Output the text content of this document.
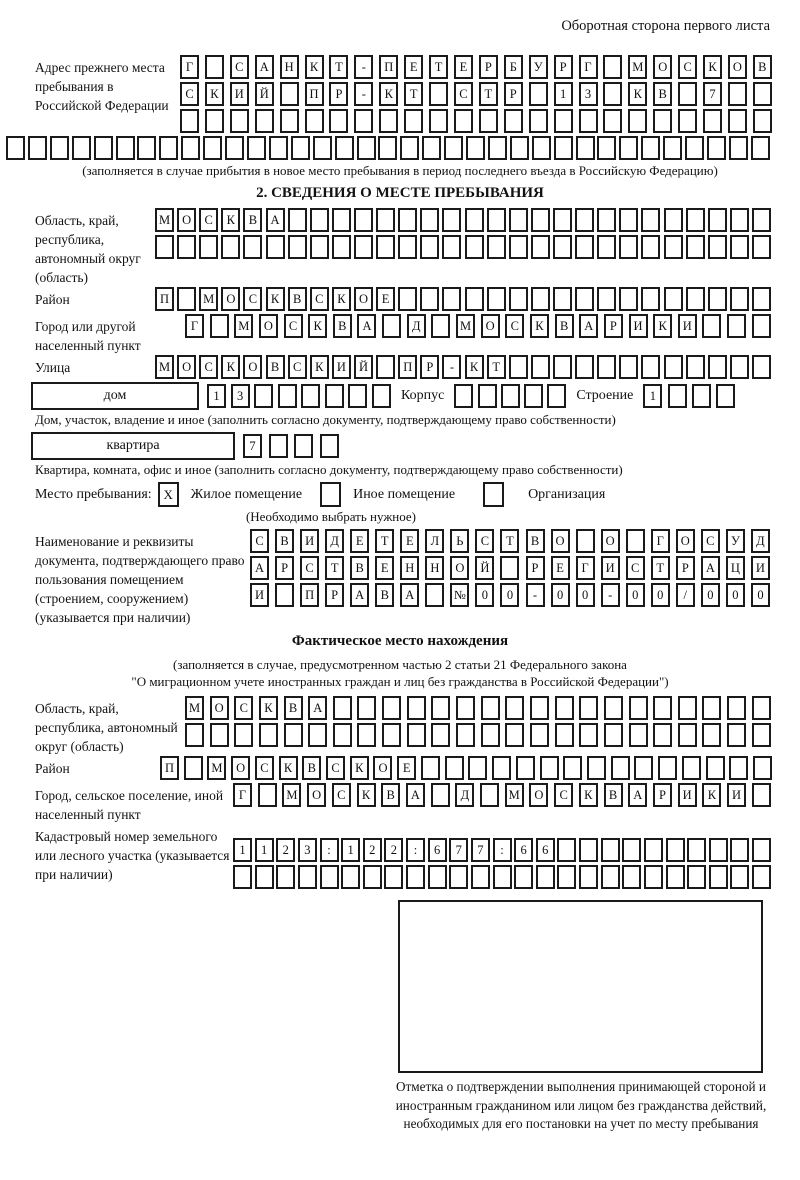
Оборотная сторона первого листа
Адрес прежнего места пребывания в Российской Федерации
Г	С	А	Н	К	Т	-	П	Е	Т	Е	Р	Б	У	Р	Г	М	О	С	К	О	В
С	К	И	Й	П	Р	-	К	Т	С	Т	Р	1	3	К	В	7
(заполняется в случае прибытия в новое место пребывания в период последнего въезда в Российскую Федерацию)
2. СВЕДЕНИЯ О МЕСТЕ ПРЕБЫВАНИЯ
Область, край, республика, автономный округ (область)
М О	С	К	В	А
Район	П	М О	С	К	В	С	К	О	Е
Город или другой населенный пункт
Г	М	О	С	К	В	А	Д	М	О	С	К	В	А	Р	И	К	И
Улица	М О	С	К	О	В	С	К	И	Й	П	Р	-	К	Т
дом	1	3	Корпус	Строение	1
Дом, участок, владение и иное (заполнить согласно документу, подтверждающему право собственности)
квартира	7
Квартира, комната, офис и иное (заполнить согласно документу, подтверждающему право собственности)
Место пребывания: X	Жилое помещение	Иное помещение	Организация
(Необходимо выбрать нужное)
Наименование и реквизиты документа, подтверждающего право пользования помещением (строением, сооружением) (указывается при наличии)
С	В	И	Д	Е	Т	Е	Л	Ь	С	Т	В	О	О	Г	О	С	У	Д
А	Р	С	Т	В	Е	Н	Н	О	Й	Р	Е	Г	И	С	Т	Р	А	Ц	И
И	П	Р	А	В	А	№	0	0	-	0	0	-	0	0	/	0	0	0
Фактическое место нахождения
(заполняется в случае, предусмотренном частью 2 статьи 21 Федерального закона
"О миграционном учете иностранных граждан и лиц без гражданства в Российской Федерации")
Область, край, республика, автономный округ (область)
М	О	С	К	В	А
Район	П	М	О	С	К	В	С	К	О	Е
Город, сельское поселение, иной населенный пункт
Г	М	О	С	К	В	А	Д	М	О	С	К	В	А	Р	И	К	И
Кадастровый номер земельного или лесного участка (указывается при наличии)
1	1	2	3	:	1	2	2	:	6	7	7	:	6	6
Отметка о подтверждении выполнения принимающей стороной и иностранным гражданином или лицом без гражданства действий, необходимых для его постановки на учет по месту пребывания
